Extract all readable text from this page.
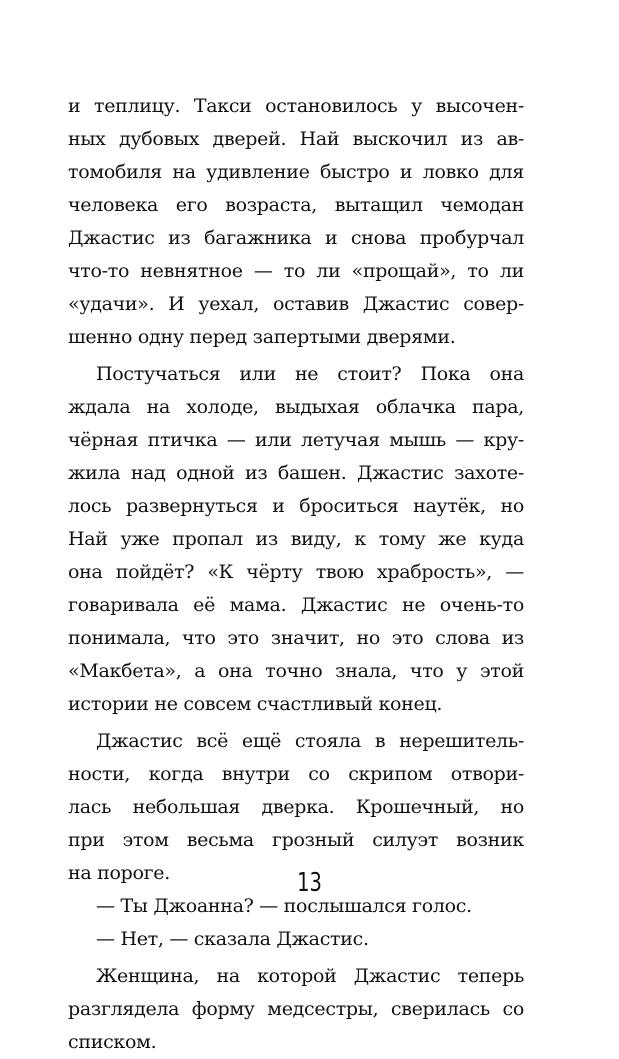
и теплицу. Такси остановилось у высочен-
ных дубовых дверей. Най выскочил из ав-
томобиля на удивление быстро и ловко для
человека его возраста, вытащил чемодан
Джастис из багажника и снова пробурчал
что-то невнятное — то ли «прощай», то ли
«удачи». И уехал, оставив Джастис совер-
шенно одну перед запертыми дверями.
Постучаться или не стоит? Пока она
ждала на холоде, выдыхая облачка пара,
чёрная птичка — или летучая мышь — кру-
жила над одной из башен. Джастис захоте-
лось развернуться и броситься наутёк, но
Най уже пропал из виду, к тому же куда
она пойдёт? «К чёрту твою храбрость», —
говаривала её мама. Джастис не очень-то
понимала, что это значит, но это слова из
«Макбета», а она точно знала, что у этой
истории не совсем счастливый конец.
Джастис всё ещё стояла в нерешитель-
ности, когда внутри со скрипом отвори-
лась небольшая дверка. Крошечный, но
при этом весьма грозный силуэт возник
на пороге.
— Ты Джоанна? — послышался голос.
— Нет, — сказала Джастис.
Женщина, на которой Джастис теперь
разглядела форму медсестры, сверилась со
списком.
13
